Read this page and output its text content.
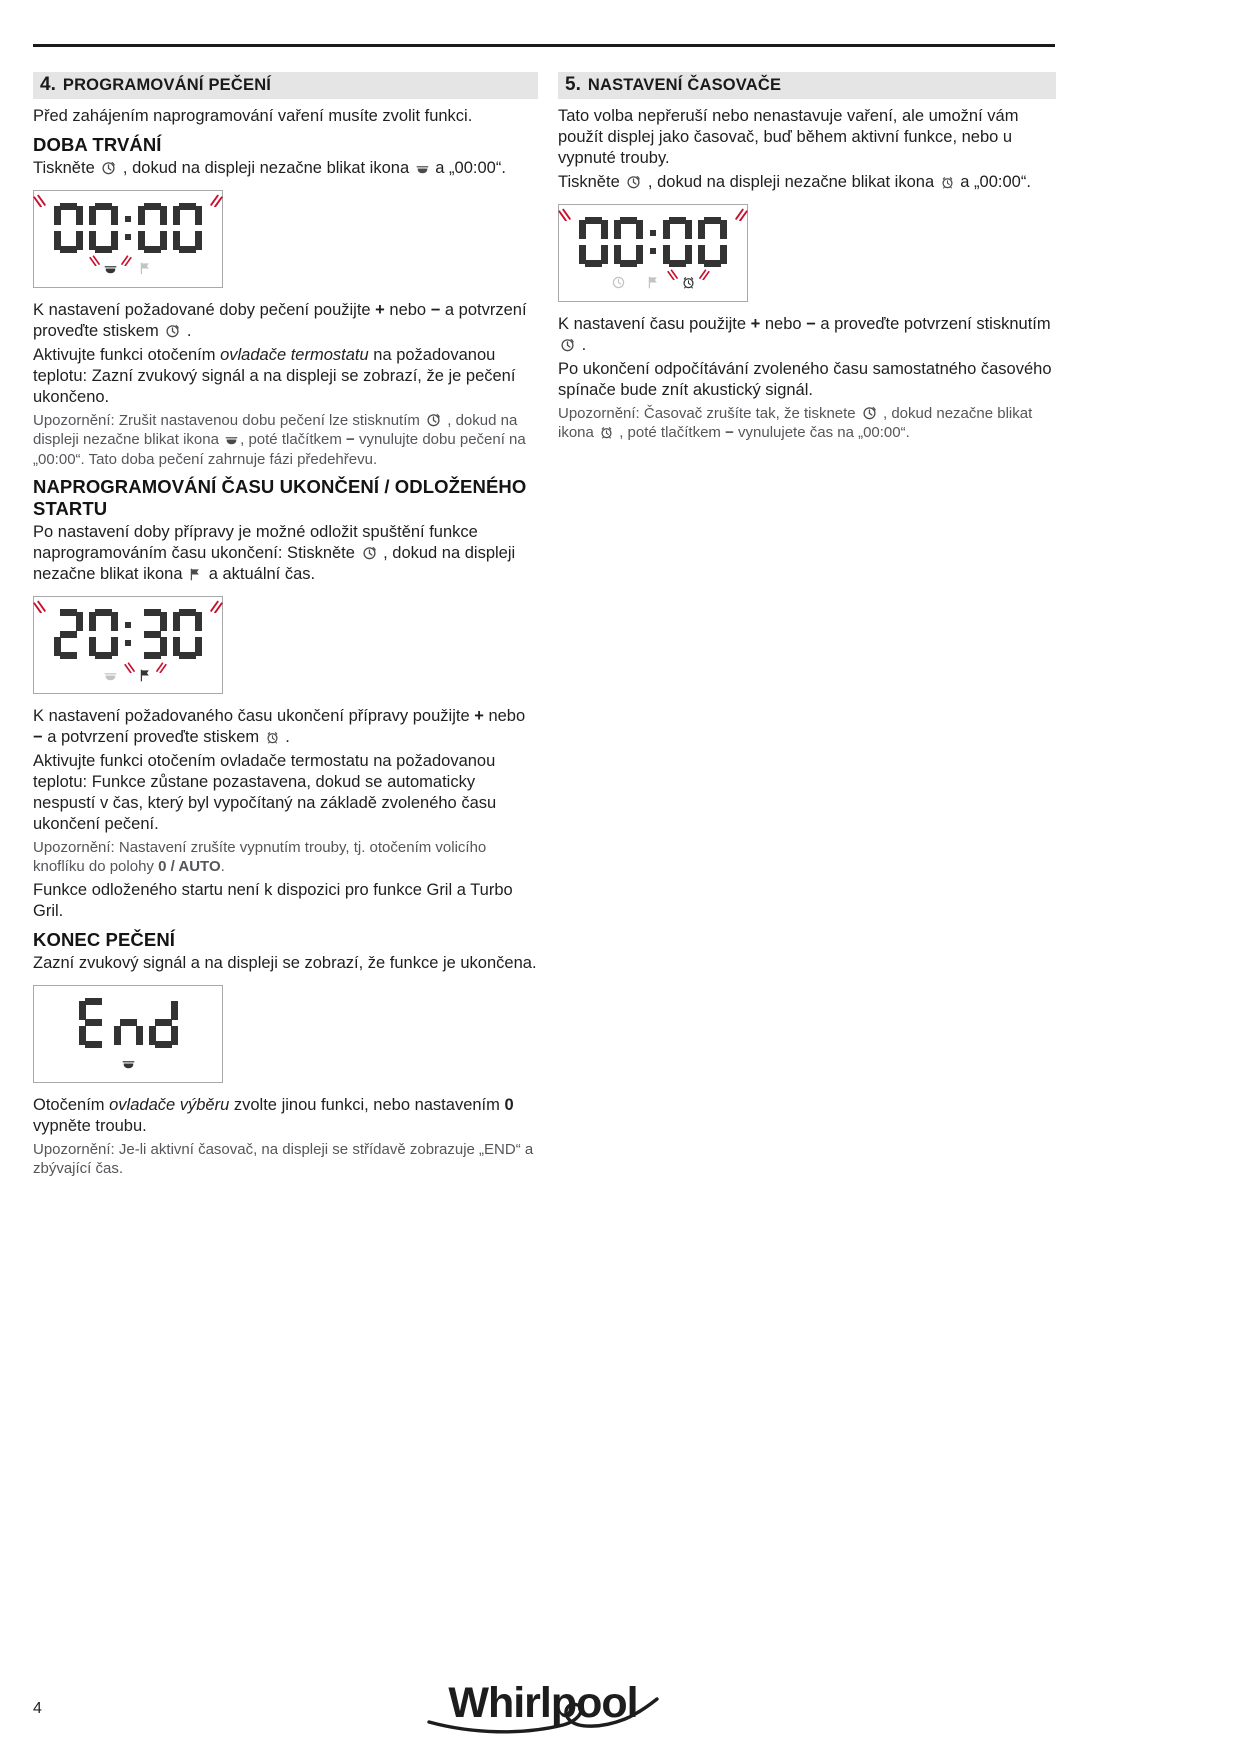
4. PROGRAMOVÁNÍ PEČENÍ

Před zahájením naprogramování vaření musíte zvolit funkci.

DOBA TRVÁNÍ

Tiskněte
, dokud na displeji nezačne blikat ikona
a „00:00“.

K nastavení požadované doby pečení použijte + nebo − a potvrzení proveďte stiskem
.

Aktivujte funkci otočením ovladače termostatu na požadovanou teplotu: Zazní zvukový signál a na displeji se zobrazí, že je pečení ukončeno.

Upozornění: Zrušit nastavenou dobu pečení lze stisknutím
, dokud na displeji nezačne blikat ikona
, poté tlačítkem − vynulujte dobu pečení na „00:00“. Tato doba pečení zahrnuje fázi předehřevu.

NAPROGRAMOVÁNÍ ČASU UKONČENÍ / ODLOŽENÉHO STARTU

Po nastavení doby přípravy je možné odložit spuštění funkce naprogramováním času ukončení: Stiskněte
, dokud na displeji nezačne blikat ikona
a aktuální čas.

K nastavení požadovaného času ukončení přípravy použijte + nebo − a potvrzení proveďte stiskem
.

Aktivujte funkci otočením ovladače termostatu na požadovanou teplotu: Funkce zůstane pozastavena, dokud se automaticky nespustí v čas, který byl vypočítaný na základě zvoleného času ukončení pečení.

Upozornění: Nastavení zrušíte vypnutím trouby, tj. otočením volicího knoflíku do polohy 0 / AUTO.

Funkce odloženého startu není k dispozici pro funkce Gril a Turbo Gril.

KONEC PEČENÍ

Zazní zvukový signál a na displeji se zobrazí, že funkce je ukončena.

Otočením ovladače výběru zvolte jinou funkci, nebo nastavením 0 vypněte troubu.

Upozornění: Je-li aktivní časovač, na displeji se střídavě zobrazuje „END“ a zbývající čas.

5. NASTAVENÍ ČASOVAČE

Tato volba nepřeruší nebo nenastavuje vaření, ale umožní vám použít displej jako časovač, buď během aktivní funkce, nebo u vypnuté trouby.

Tiskněte
, dokud na displeji nezačne blikat ikona
a „00:00“.

K nastavení času použijte + nebo − a proveďte potvrzení stisknutím
.

Po ukončení odpočítávání zvoleného času samostatného časového spínače bude znít akustický signál.

Upozornění: Časovač zrušíte tak, že tisknete
, dokud nezačne blikat ikona
, poté tlačítkem − vynulujete čas na „00:00“.

4	Whirlpool
